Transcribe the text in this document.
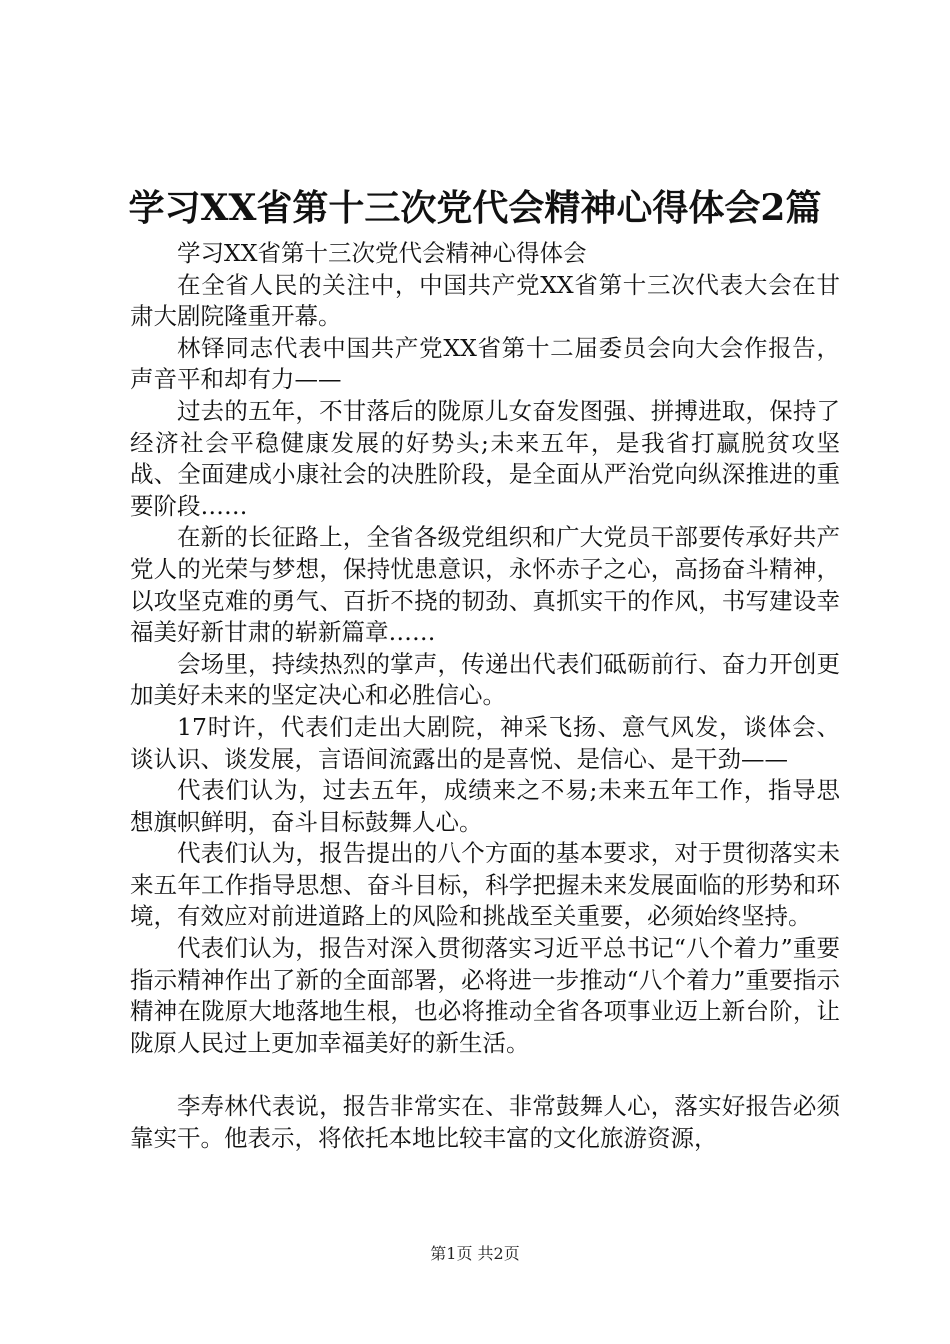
学习XX省第十三次党代会精神心得体会2篇

学习XX省第十三次党代会精神心得体会

在全省人民的关注中，中国共产党XX省第十三次代表大会在甘肃大剧院隆重开幕。

林铎同志代表中国共产党XX省第十二届委员会向大会作报告，声音平和却有力——

过去的五年，不甘落后的陇原儿女奋发图强、拼搏进取，保持了经济社会平稳健康发展的好势头;未来五年，是我省打赢脱贫攻坚战、全面建成小康社会的决胜阶段，是全面从严治党向纵深推进的重要阶段……

在新的长征路上，全省各级党组织和广大党员干部要传承好共产党人的光荣与梦想，保持忧患意识，永怀赤子之心，高扬奋斗精神，以攻坚克难的勇气、百折不挠的韧劲、真抓实干的作风，书写建设幸福美好新甘肃的崭新篇章……

会场里，持续热烈的掌声，传递出代表们砥砺前行、奋力开创更加美好未来的坚定决心和必胜信心。

17时许，代表们走出大剧院，神采飞扬、意气风发，谈体会、谈认识、谈发展，言语间流露出的是喜悦、是信心、是干劲——

代表们认为，过去五年，成绩来之不易;未来五年工作，指导思想旗帜鲜明，奋斗目标鼓舞人心。

代表们认为，报告提出的八个方面的基本要求，对于贯彻落实未来五年工作指导思想、奋斗目标，科学把握未来发展面临的形势和环境，有效应对前进道路上的风险和挑战至关重要，必须始终坚持。

代表们认为，报告对深入贯彻落实习近平总书记“八个着力”重要指示精神作出了新的全面部署，必将进一步推动“八个着力”重要指示精神在陇原大地落地生根，也必将推动全省各项事业迈上新台阶，让陇原人民过上更加幸福美好的新生活。

李寿林代表说，报告非常实在、非常鼓舞人心，落实好报告必须靠实干。他表示，将依托本地比较丰富的文化旅游资源，

第1页 共2页
